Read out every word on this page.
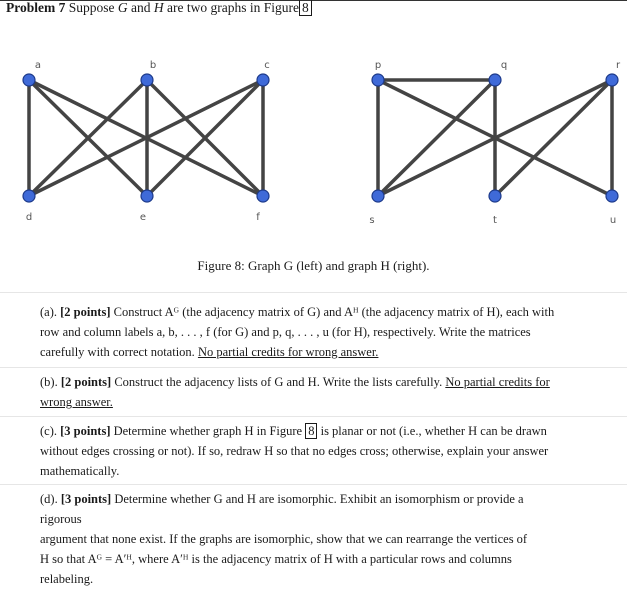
Problem 7 Suppose G and H are two graphs in Figure 8
a	b	c
d	e	f
p	q	r
s	t	u
Figure 8: Graph G (left) and graph H (right).
(a). [2 points] Construct Aᴳ (the adjacency matrix of G) and Aᴴ (the adjacency matrix of H), each with
row and column labels a, b, . . . , f (for G) and p, q, . . . , u (for H), respectively. Write the matrices
carefully with correct notation. No partial credits for wrong answer.
(b). [2 points] Construct the adjacency lists of G and H. Write the lists carefully. No partial credits for
wrong answer.
(c). [3 points] Determine whether graph H in Figure 8 is planar or not (i.e., whether H can be drawn
without edges crossing or not). If so, redraw H so that no edges cross; otherwise, explain your answer
mathematically.
(d). [3 points] Determine whether G and H are isomorphic. Exhibit an isomorphism or provide a rigorous
argument that none exist. If the graphs are isomorphic, show that we can rearrange the vertices of
H so that Aᴳ = A′ᴴ, where A′ᴴ is the adjacency matrix of H with a particular rows and columns
relabeling.
